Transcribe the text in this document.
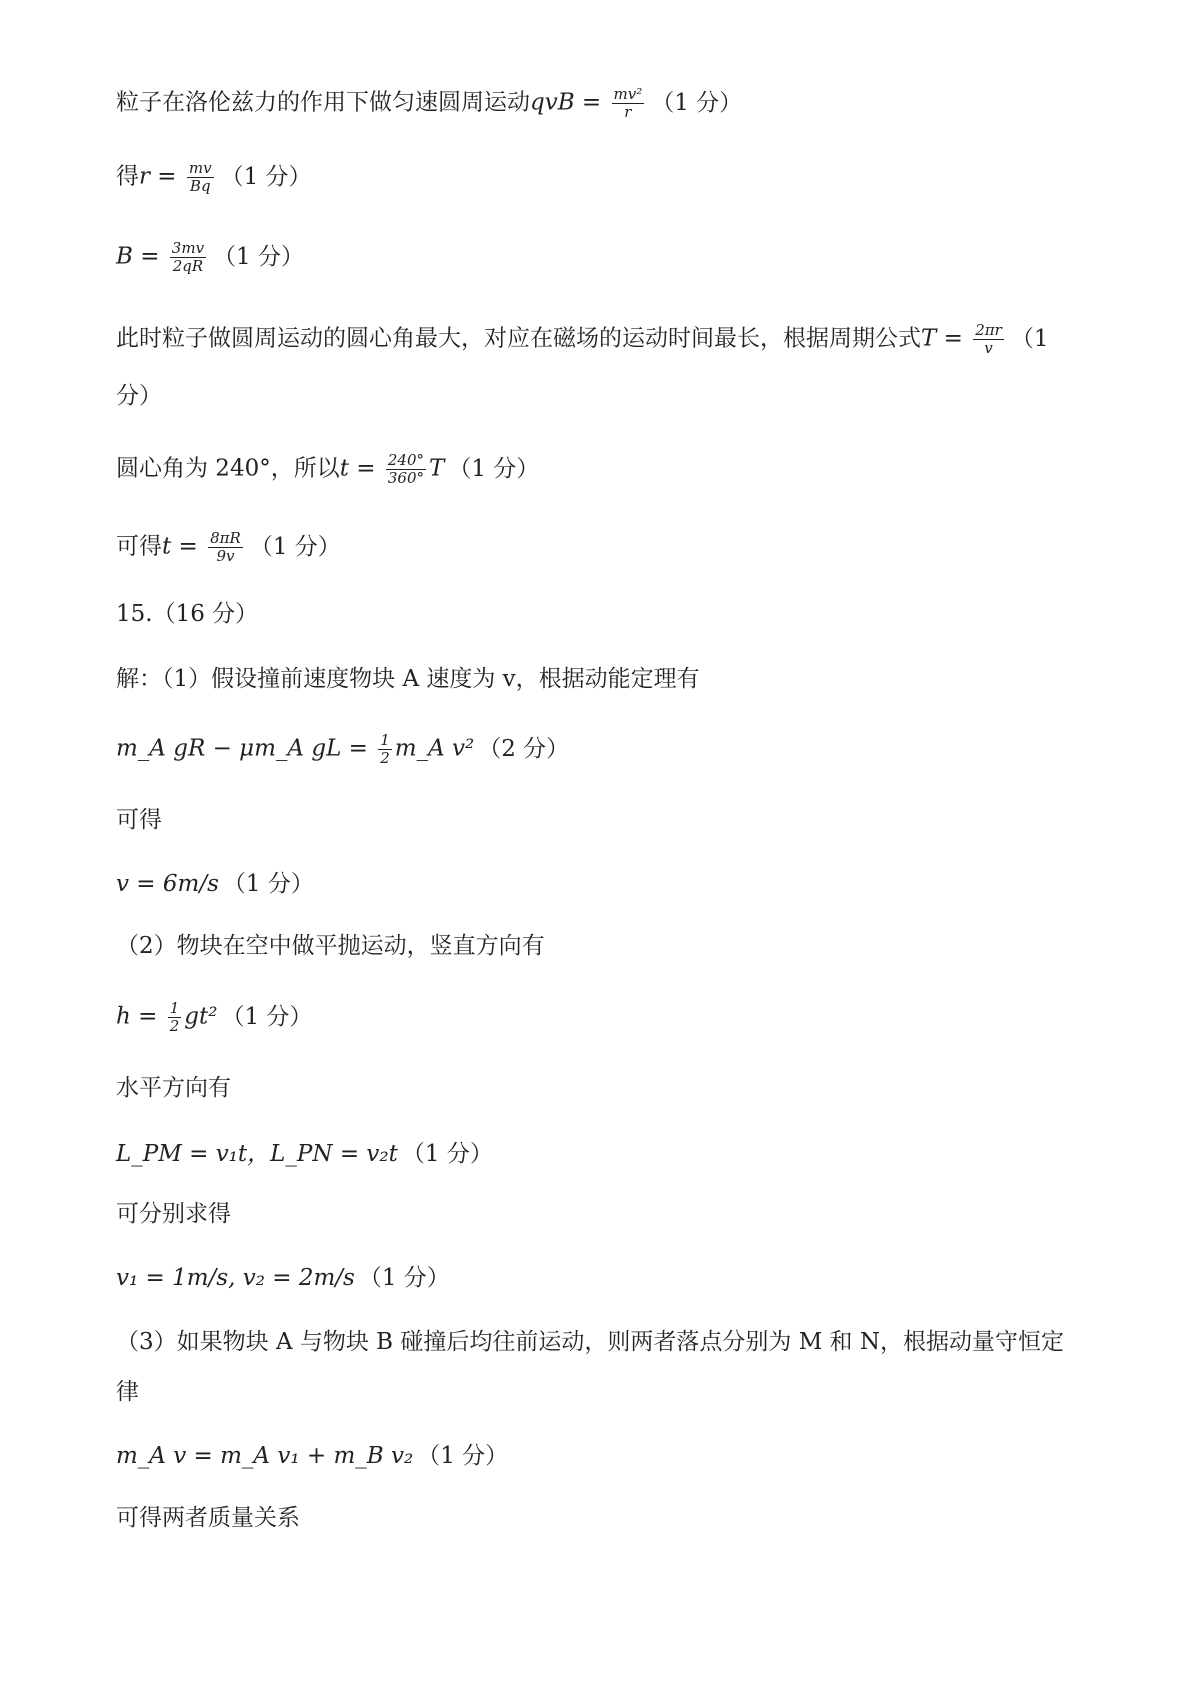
粒子在洛伦兹力的作用下做匀速圆周运动qvB = $\frac{\text{mv²}}{r} (1$ 分）
得$r = \frac{mv}{Bq} (1$ 分）
$B = \frac{3mv}{2qR} (1$ 分）
此时粒子做圆周运动的圆心角最大，对应在磁场的运动时间最长，根据周期公式$T = \frac{2\pi r}{v} (1$
分）
圆心角为 240°，所以$t = \frac{240^\circ}{360^\circ}$ T （1 分）
可得$t = \frac{8\pi R}{9v} (1$ 分）
15.（16 分）
解：（1）假设撞前速度物块 A 速度为 v，根据动能定理有
m_A gR − μm_A gL = $\frac{1}{2}$ m_A v² （2 分）
可得
v = 6m/s （1 分）
（2）物块在空中做平抛运动，竖直方向有
$h = \frac{1}{2} gt^2$ （1 分）
水平方向有
L_PM = v₁t，L_PN = v₂t （1 分）
可分别求得
v₁ = 1m/s, v₂ = 2m/s （1 分）
（3）如果物块 A 与物块 B 碰撞后均往前运动，则两者落点分别为 M 和 N，根据动量守恒定
律
m_A v = m_A v₁ + m_B v₂ （1 分）
可得两者质量关系
